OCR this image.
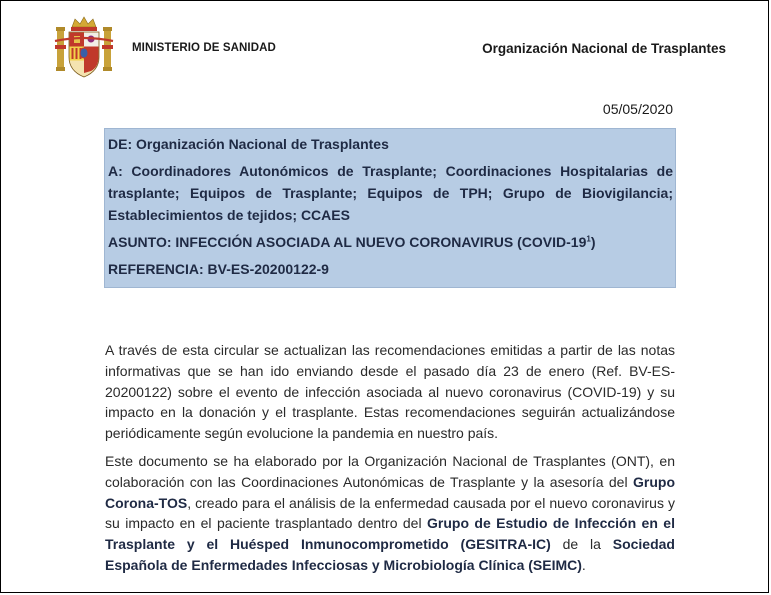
MINISTERIO DE SANIDAD	Organización Nacional de Trasplantes
05/05/2020

DE: Organización Nacional de Trasplantes

A: Coordinadores Autonómicos de Trasplante; Coordinaciones Hospitalarias de trasplante; Equipos de Trasplante; Equipos de TPH; Grupo de Biovigilancia; Establecimientos de tejidos; CCAES

ASUNTO: INFECCIÓN ASOCIADA AL NUEVO CORONAVIRUS $(COVID-19^1)$

REFERENCIA: BV-ES-20200122-9

A través de esta circular se actualizan las recomendaciones emitidas a partir de las notas informativas que se han ido enviando desde el pasado día 23 de enero (Ref. BV-ES-20200122) sobre el evento de infección asociada al nuevo coronavirus (COVID-19) y su impacto en la donación y el trasplante. Estas recomendaciones seguirán actualizándose periódicamente según evolucione la pandemia en nuestro país.

Este documento se ha elaborado por la Organización Nacional de Trasplantes (ONT), en colaboración con las Coordinaciones Autonómicas de Trasplante y la asesoría del Grupo Corona-TOS, creado para el análisis de la enfermedad causada por el nuevo coronavirus y su impacto en el paciente trasplantado dentro del Grupo de Estudio de Infección en el Trasplante y el Huésped Inmunocomprometido (GESITRA-IC) de la Sociedad Española de Enfermedades Infecciosas y Microbiología Clínica (SEIMC).
